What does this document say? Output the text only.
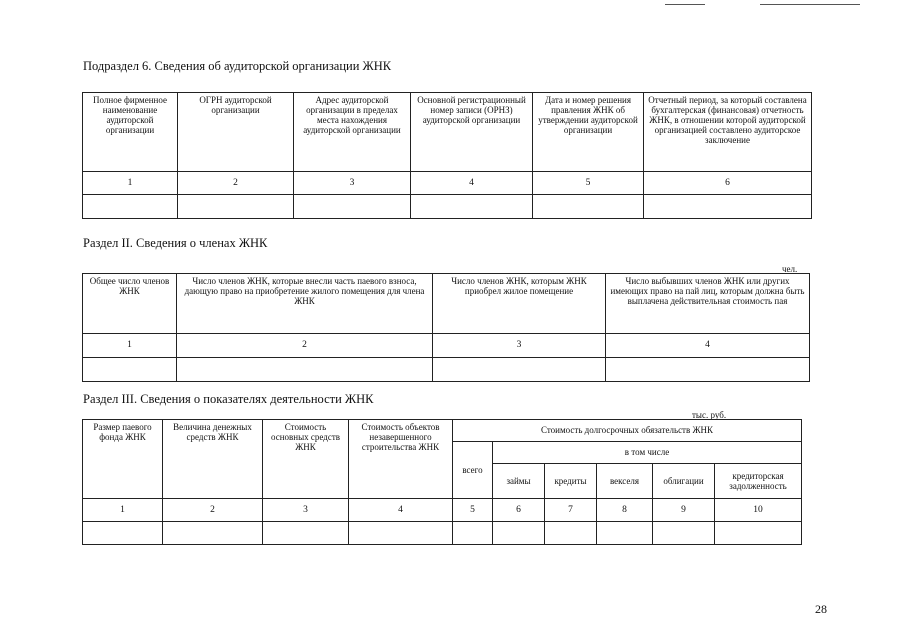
Подраздел 6. Сведения об аудиторской организации ЖНК
Полное фирменное наименование аудиторской организации	ОГРН аудиторской организации	Адрес аудиторской организации в пределах места нахождения аудиторской организации	Основной регистрационный номер записи (ОРНЗ) аудиторской организации	Дата и номер решения правления ЖНК об утверждении аудиторской организации	Отчетный период, за который составлена бухгалтерская (финансовая) отчетность ЖНК, в отношении которой аудиторской организацией составлено аудиторское заключение
1	2	3	4	5	6

Раздел II. Сведения о членах ЖНК
чел.
Общее число членов ЖНК	Число членов ЖНК, которые внесли часть паевого взноса, дающую право на приобретение жилого помещения для члена ЖНК	Число членов ЖНК, которым ЖНК приобрел жилое помещение	Число выбывших членов ЖНК или других имеющих право на пай лиц, которым должна быть выплачена действительная стоимость пая
1	2	3	4

Раздел III. Сведения о показателях деятельности ЖНК
тыс. руб.
Размер паевого фонда ЖНК	Величина денежных средств ЖНК	Стоимость основных средств ЖНК	Стоимость объектов незавершенного строительства ЖНК	Стоимость долгосрочных обязательств ЖНК					
				всего	в том числе				
					займы	кредиты	векселя	облигации	кредиторская задолженность
1	2	3	4	5	6	7	8	9	10

28
